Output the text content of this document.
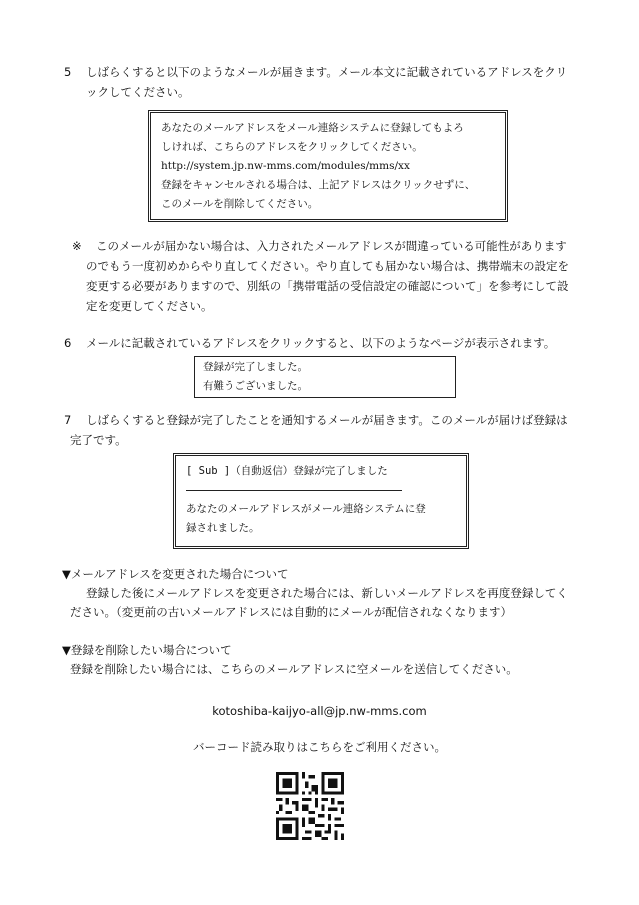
5 しばらくすると以下のようなメールが届きます。メール本文に記載されているアドレスをクリ
ックしてください。
あなたのメールアドレスをメール連絡システムに登録してもよろ
しければ、こちらのアドレスをクリックしてください。
http://system.jp.nw-mms.com/modules/mms/xx
登録をキャンセルされる場合は、上記アドレスはクリックせずに、
このメールを削除してください。
※ このメールが届かない場合は、入力されたメールアドレスが間違っている可能性があります
のでもう一度初めからやり直してください。やり直しても届かない場合は、携帯端末の設定を
変更する必要がありますので、別紙の「携帯電話の受信設定の確認について」を参考にして設
定を変更してください。
6 メールに記載されているアドレスをクリックすると、以下のようなページが表示されます。
登録が完了しました。
有難うございました。
7 しばらくすると登録が完了したことを通知するメールが届きます。このメールが届けば登録は
完了です。
[ Sub ]（自動返信）登録が完了しました
あなたのメールアドレスがメール連絡システムに登
録されました。
▼メールアドレスを変更された場合について
登録した後にメールアドレスを変更された場合には、新しいメールアドレスを再度登録してく
ださい。（変更前の古いメールアドレスには自動的にメールが配信されなくなります）
▼登録を削除したい場合について
登録を削除したい場合には、こちらのメールアドレスに空メールを送信してください。
kotoshiba-kaijyo-all@jp.nw-mms.com
バーコード読み取りはこちらをご利用ください。
